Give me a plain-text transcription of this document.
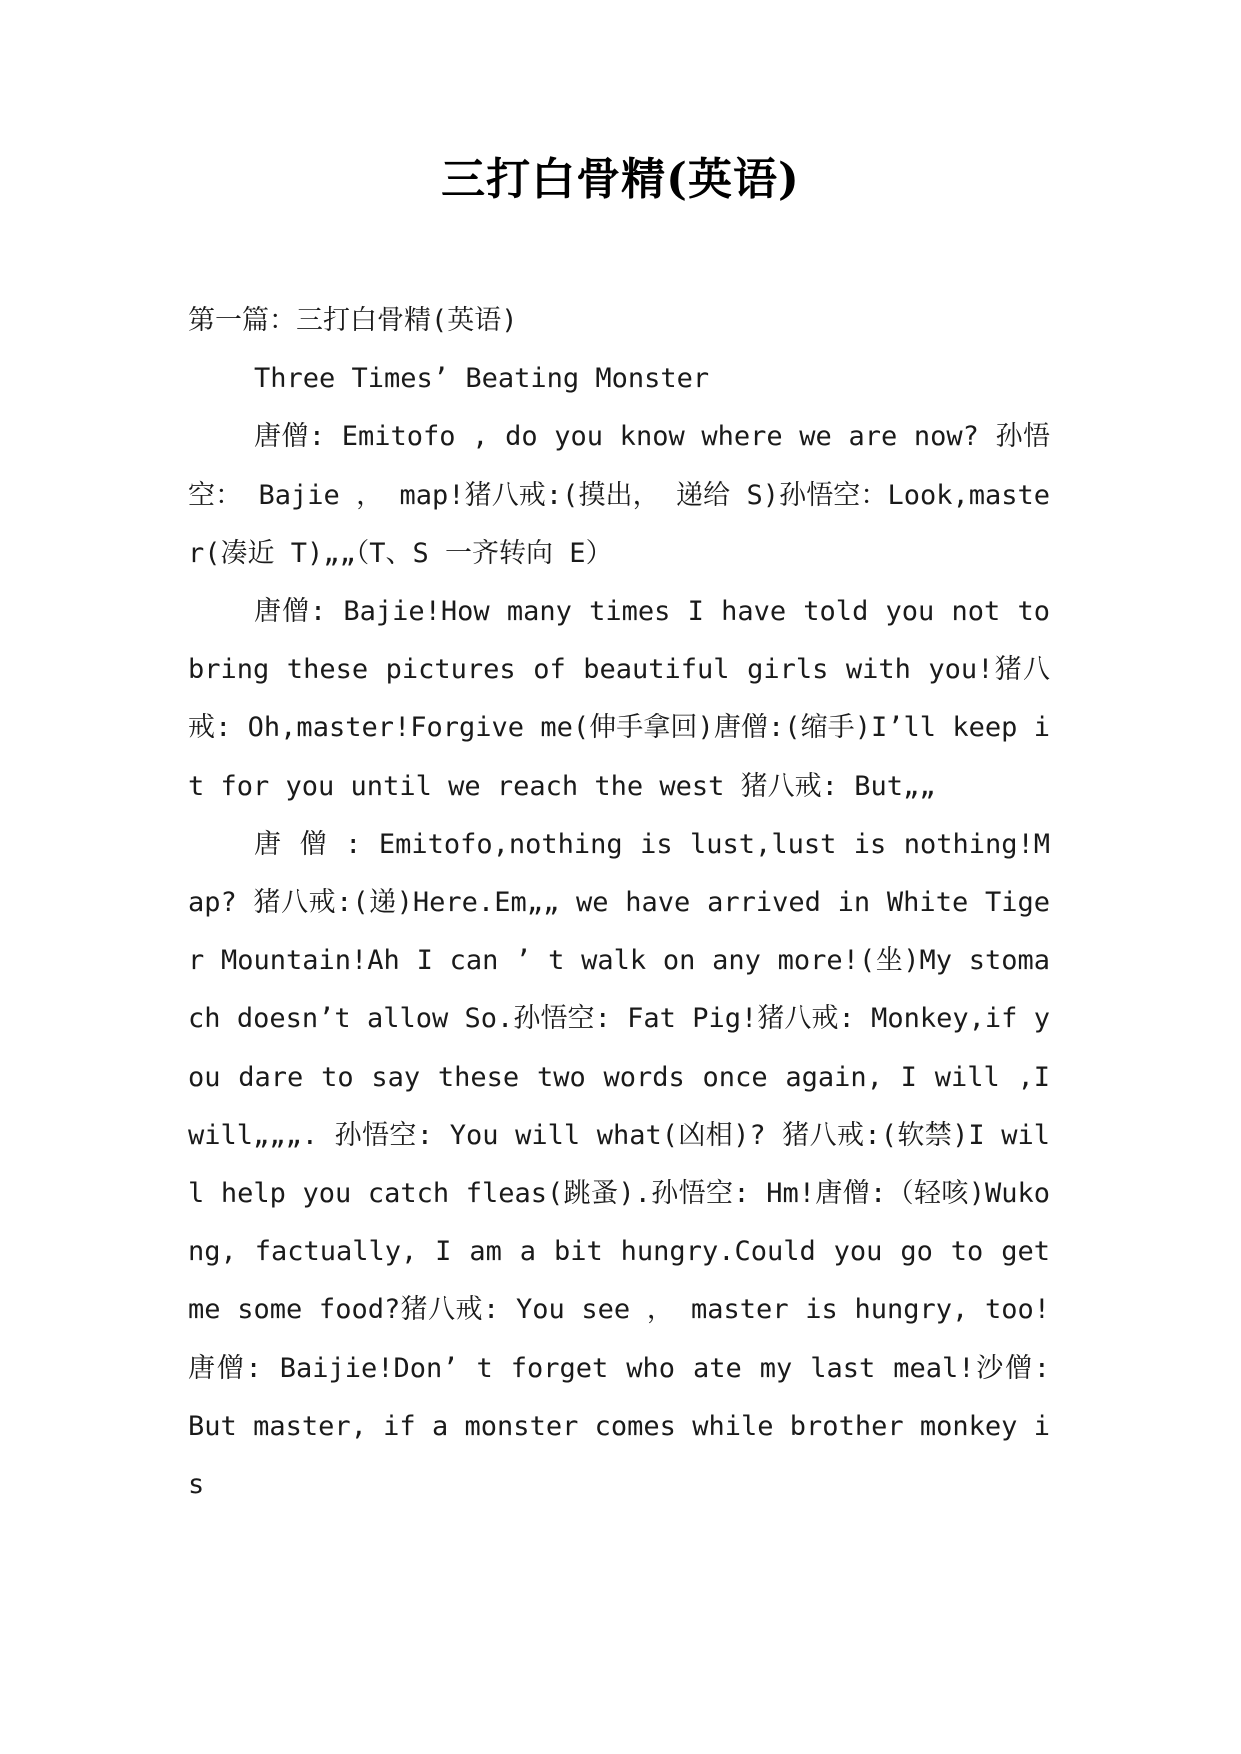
三打白骨精(英语)

第一篇：三打白骨精(英语)

Three Times’ Beating Monster

唐僧: Emitofo , do you know where we are now? 孙悟空： Bajie ， map!猪八戒:(摸出， 递给 S)孙悟空：Look,master(凑近 T)„„（T、S 一齐转向 E）

唐僧: Bajie!How many times I have told you not to bring these pictures of beautiful girls with you!猪八戒: Oh,master!Forgive me(伸手拿回)唐僧:(缩手)I’ll keep it for you until we reach the west 猪八戒: But„„

唐 僧 : Emitofo,nothing is lust,lust is nothing!Map? 猪八戒:(递)Here.Em„„ we have arrived in White Tiger Mountain!Ah I can ’ t walk on any more!(坐)My stomach doesn’t allow So.孙悟空: Fat Pig!猪八戒: Monkey,if you dare to say these two words once again, I will ,I will„„„. 孙悟空: You will what(凶相)? 猪八戒:(软禁)I will help you catch fleas(跳蚤).孙悟空: Hm!唐僧:（轻咳)Wukong, factually, I am a bit hungry.Could you go to get me some food?猪八戒: You see ， master is hungry, too!唐僧: Baijie!Don’ t forget who ate my last meal!沙僧: But master, if a monster comes while brother monkey is
